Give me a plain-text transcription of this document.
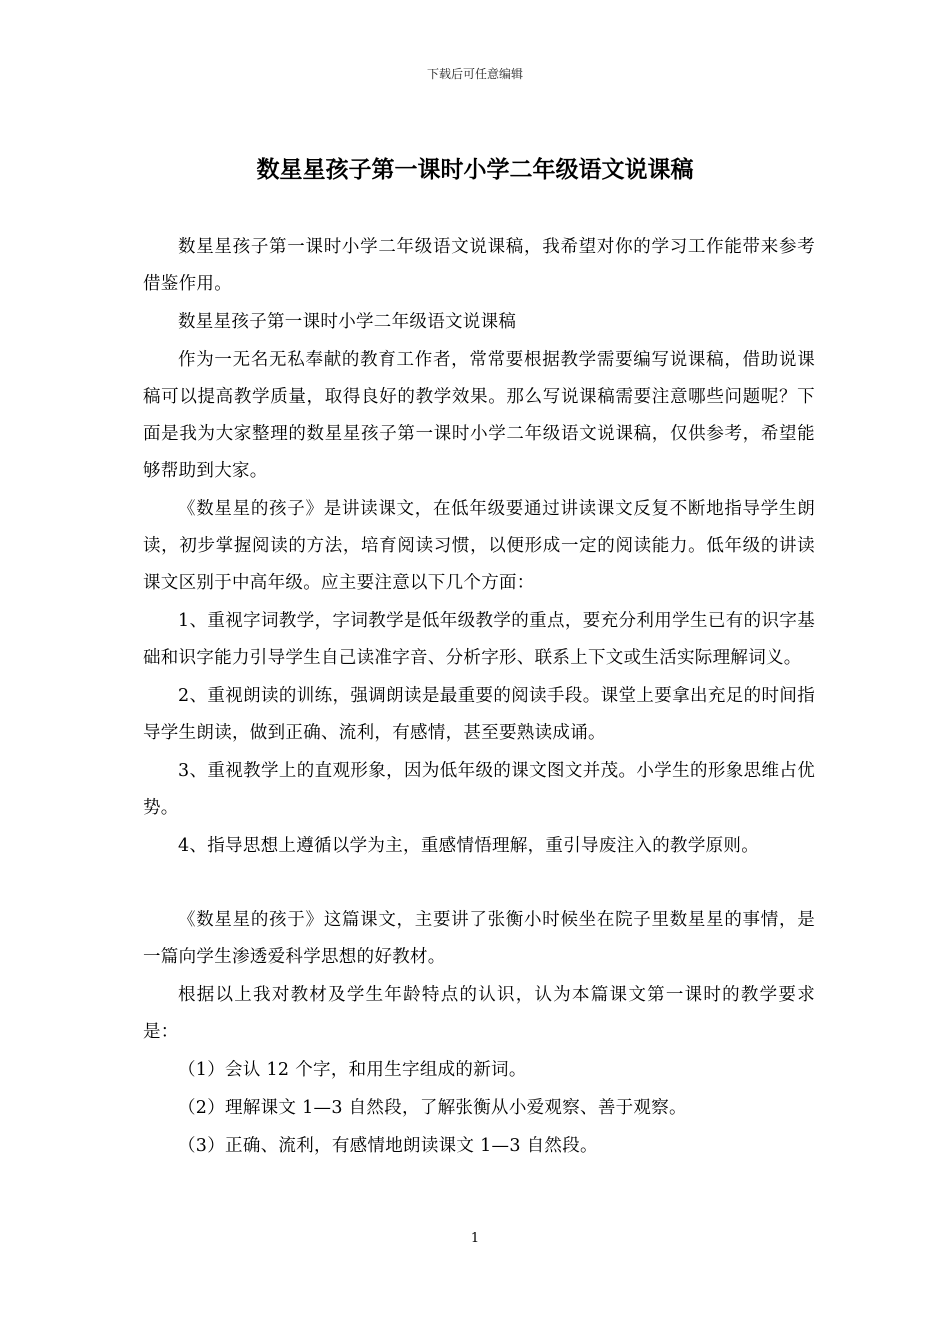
下载后可任意编辑
数星星孩子第一课时小学二年级语文说课稿

数星星孩子第一课时小学二年级语文说课稿，我希望对你的学习工作能带来参考借鉴作用。

数星星孩子第一课时小学二年级语文说课稿

作为一无名无私奉献的教育工作者，常常要根据教学需要编写说课稿，借助说课稿可以提高教学质量，取得良好的教学效果。那么写说课稿需要注意哪些问题呢？下面是我为大家整理的数星星孩子第一课时小学二年级语文说课稿，仅供参考，希望能够帮助到大家。

《数星星的孩子》是讲读课文，在低年级要通过讲读课文反复不断地指导学生朗读，初步掌握阅读的方法，培育阅读习惯，以便形成一定的阅读能力。低年级的讲读课文区别于中高年级。应主要注意以下几个方面：

1、重视字词教学，字词教学是低年级教学的重点，要充分利用学生已有的识字基础和识字能力引导学生自己读准字音、分析字形、联系上下文或生活实际理解词义。

2、重视朗读的训练，强调朗读是最重要的阅读手段。课堂上要拿出充足的时间指导学生朗读，做到正确、流利，有感情，甚至要熟读成诵。

3、重视教学上的直观形象，因为低年级的课文图文并茂。小学生的形象思维占优势。

4、指导思想上遵循以学为主，重感情悟理解，重引导废注入的教学原则。

《数星星的孩于》这篇课文，主要讲了张衡小时候坐在院子里数星星的事情，是一篇向学生渗透爱科学思想的好教材。

根据以上我对教材及学生年龄特点的认识，认为本篇课文第一课时的教学要求是：

（1）会认 12 个字，和用生字组成的新词。

（2）理解课文 1—3 自然段，了解张衡从小爱观察、善于观察。

（3）正确、流利，有感情地朗读课文 1—3 自然段。

1
